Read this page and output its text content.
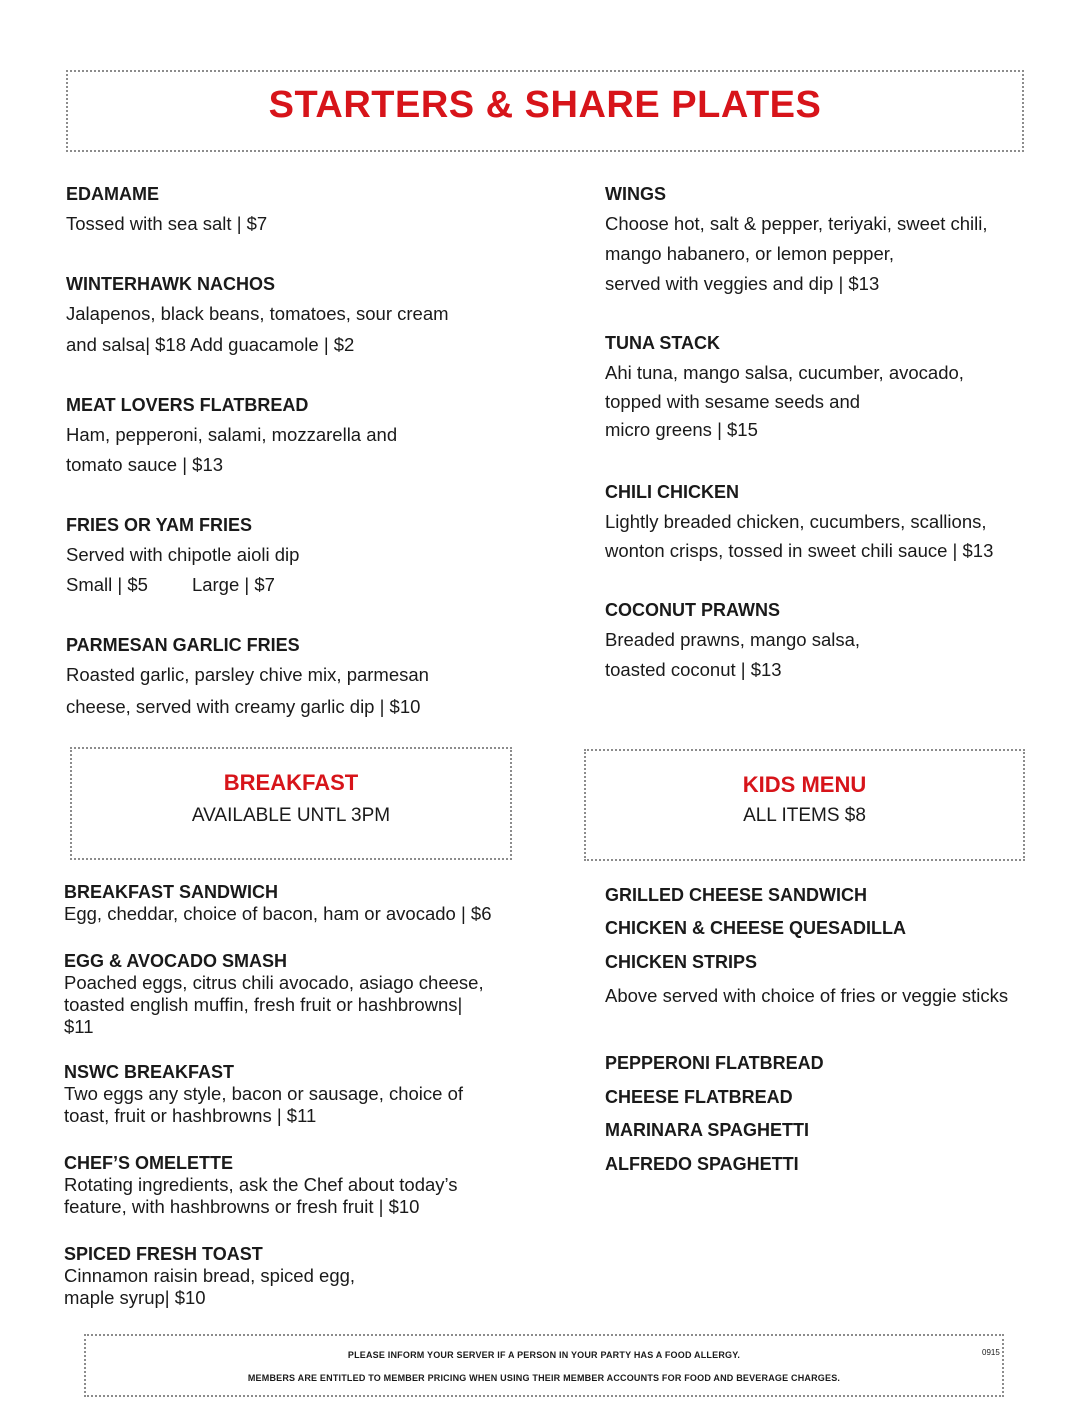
STARTERS & SHARE PLATES

EDAMAME

Tossed with sea salt | $7

WINTERHAWK NACHOS

Jalapenos, black beans, tomatoes, sour cream

and salsa| $18 Add guacamole | $2

MEAT LOVERS FLATBREAD

Ham, pepperoni, salami, mozzarella and

tomato sauce | $13

FRIES OR YAM FRIES

Served with chipotle aioli dip

Small | $5 Large | $7

PARMESAN GARLIC FRIES

Roasted garlic, parsley chive mix, parmesan

cheese, served with creamy garlic dip | $10

WINGS

Choose hot, salt & pepper, teriyaki, sweet chili,

mango habanero, or lemon pepper,

served with veggies and dip | $13

TUNA STACK

Ahi tuna, mango salsa, cucumber, avocado,

topped with sesame seeds and

micro greens | $15

CHILI CHICKEN

Lightly breaded chicken, cucumbers, scallions,

wonton crisps, tossed in sweet chili sauce | $13

COCONUT PRAWNS

Breaded prawns, mango salsa,

toasted coconut | $13

BREAKFAST

AVAILABLE UNTL 3PM

KIDS MENU

ALL ITEMS $8

BREAKFAST SANDWICH

Egg, cheddar, choice of bacon, ham or avocado | $6

EGG & AVOCADO SMASH

Poached eggs, citrus chili avocado, asiago cheese,

toasted english muffin, fresh fruit or hashbrowns|

$11

NSWC BREAKFAST

Two eggs any style, bacon or sausage, choice of

toast, fruit or hashbrowns | $11

CHEF’S OMELETTE

Rotating ingredients, ask the Chef about today’s

feature, with hashbrowns or fresh fruit | $10

SPICED FRESH TOAST

Cinnamon raisin bread, spiced egg,

maple syrup| $10

GRILLED CHEESE SANDWICH
CHICKEN & CHEESE QUESADILLA
CHICKEN STRIPS
Above served with choice of fries or veggie sticks
PEPPERONI FLATBREAD
CHEESE FLATBREAD
MARINARA SPAGHETTI
ALFREDO SPAGHETTI
PLEASE INFORM YOUR SERVER IF A PERSON IN YOUR PARTY HAS A FOOD ALLERGY.
MEMBERS ARE ENTITLED TO MEMBER PRICING WHEN USING THEIR MEMBER ACCOUNTS FOR FOOD AND BEVERAGE CHARGES.
0915
